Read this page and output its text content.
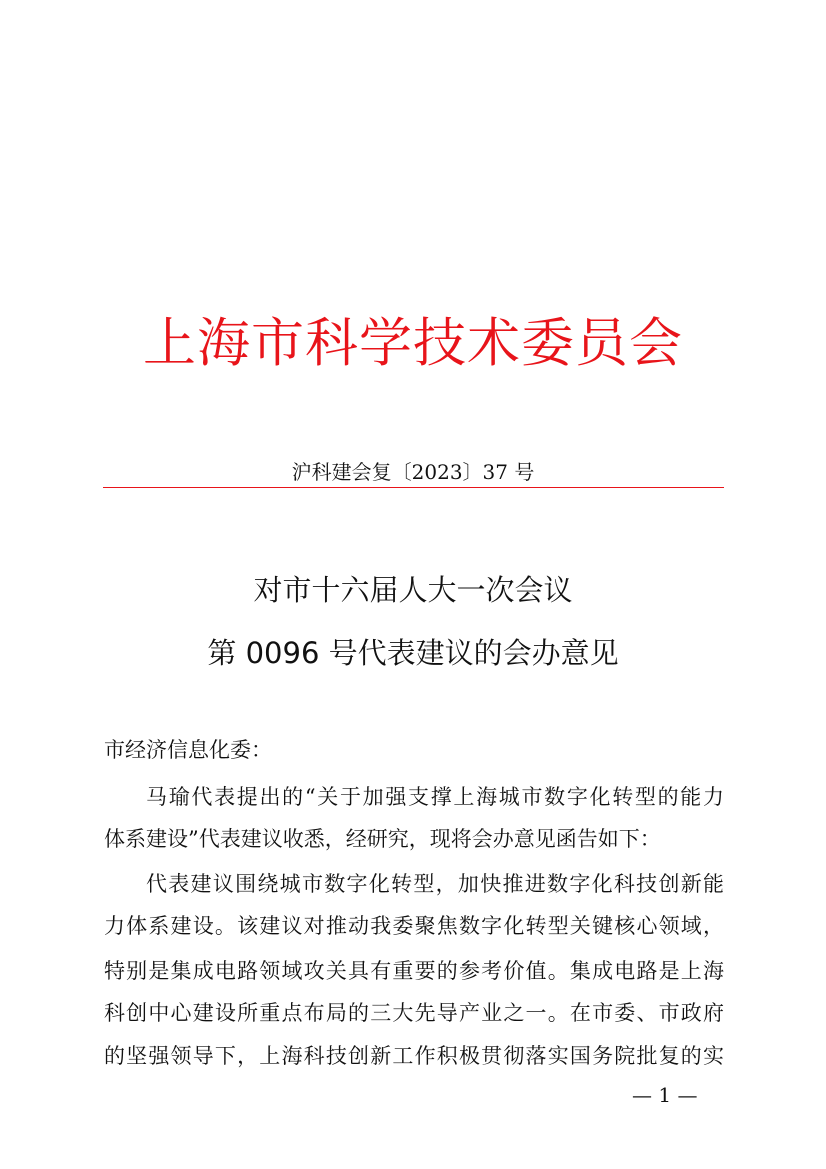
上海市科学技术委员会
沪科建会复〔2023〕37 号
对市十六届人大一次会议
第 0096 号代表建议的会办意见
市经济信息化委：
马瑜代表提出的“关于加强支撑上海城市数字化转型的能力
体系建设”代表建议收悉，经研究，现将会办意见函告如下：
代表建议围绕城市数字化转型，加快推进数字化科技创新能
力体系建设。该建议对推动我委聚焦数字化转型关键核心领域，
特别是集成电路领域攻关具有重要的参考价值。集成电路是上海
科创中心建设所重点布局的三大先导产业之一。在市委、市政府
的坚强领导下，上海科技创新工作积极贯彻落实国务院批复的实
— 1 —
